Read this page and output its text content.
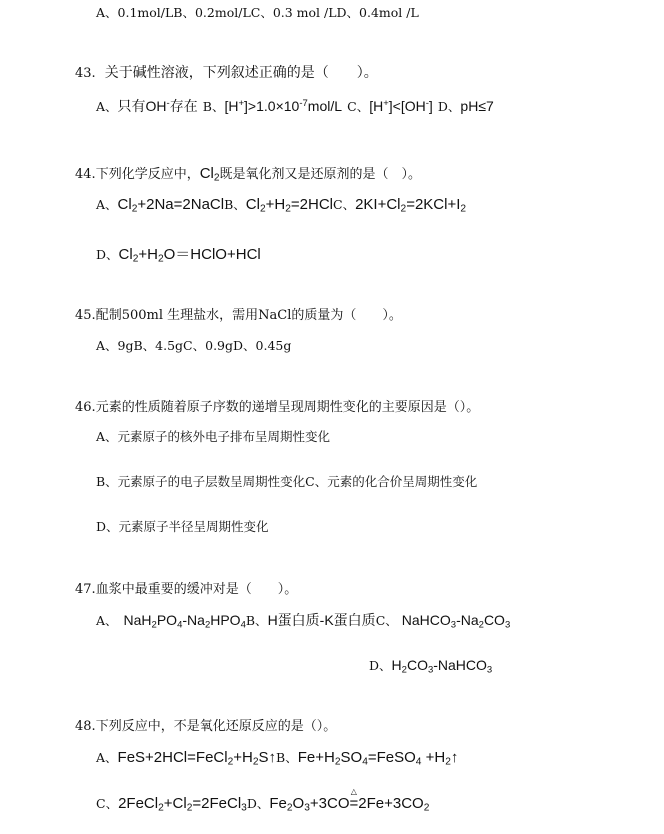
A、0.1mol/LB、0.2mol/LC、0.3 mol /LD、0.4mol /L
43. 关于碱性溶液，下列叙述正确的是（　　）。
A、只有OH-存在 B、$[H^+]>1.0\times 10^{-7}mol/L$ C、[H+]<[OH-] D、pH≤7
44.下列化学反应中，$Cl_2$既是氧化剂又是还原剂的是（　）。
A、$Cl_2+2Na=2NaClB$、$Cl_2+H_2=2HClC$、$2KI+Cl_2=2KCl+I_2$
D、$Cl_2+H_2O=HClO+HCl$
45.配制500ml 生理盐水，需用NaCl的质量为（　　）。
A、9gB、4.5gC、0.9gD、0.45g
46.元素的性质随着原子序数的递增呈现周期性变化的主要原因是（）。
A、元素原子的核外电子排布呈周期性变化
B、元素原子的电子层数呈周期性变化C、元素的化合价呈周期性变化
D、元素原子半径呈周期性变化
47.血浆中最重要的缓冲对是（　　）。
A、 $NaH_2PO_4-Na_2HPO_4B$、H蛋白质-K蛋白质C、 $NaHCO_3-Na_2CO_3$
D、$H_2CO_3-NaHCO_3$
48.下列反应中，不是氧化还原反应的是（）。
A、$FeS+2HCl=FeCl_2+H_2S↑B$、$Fe+H_2SO_4=FeSO_4$ $+H_2↑$
C、$2FeCl_2+Cl_2=2FeCl_3D$、$Fe_2O_3+3CO$
△
$=2Fe+3CO_2$
